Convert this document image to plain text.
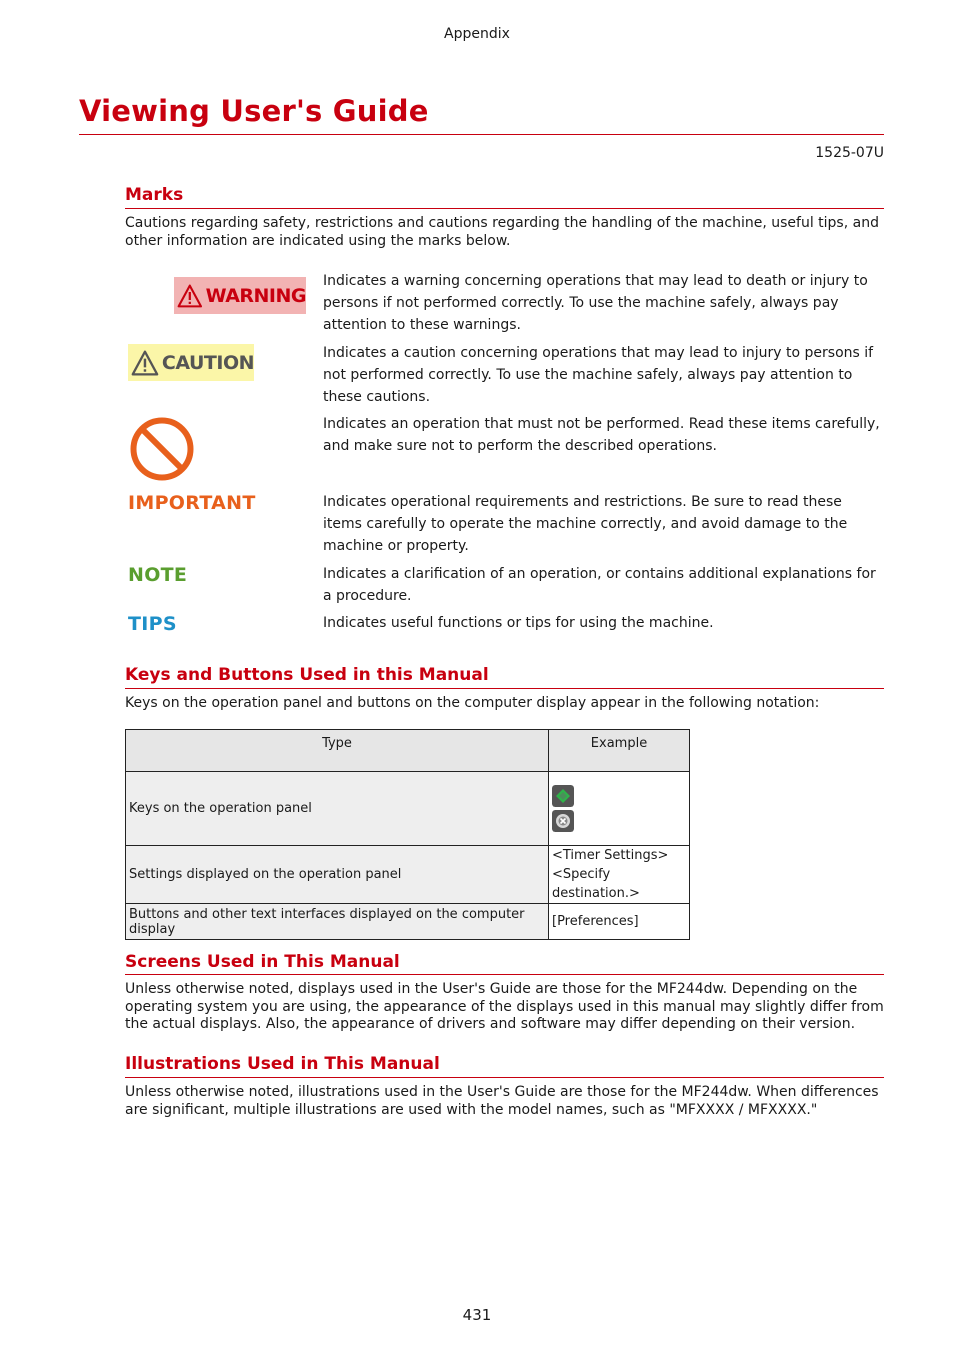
Appendix
Viewing User's Guide
1525-07U
Marks
Cautions regarding safety, restrictions and cautions regarding the handling of the machine, useful tips, and other information are indicated using the marks below.
WARNING
Indicates a warning concerning operations that may lead to death or injury to persons if not performed correctly. To use the machine safely, always pay attention to these warnings.
CAUTION	Indicates a caution concerning operations that may lead to injury to persons if not performed correctly. To use the machine safely, always pay attention to these cautions.
Indicates an operation that must not be performed. Read these items carefully, and make sure not to perform the described operations.
IMPORTANT	Indicates operational requirements and restrictions. Be sure to read these items carefully to operate the machine correctly, and avoid damage to the machine or property.
NOTE	Indicates a clarification of an operation, or contains additional explanations for a procedure.
TIPS	Indicates useful functions or tips for using the machine.
Keys and Buttons Used in this Manual
Keys on the operation panel and buttons on the computer display appear in the following notation:
Type	Example
Keys on the operation panel	

Settings displayed on the operation panel	<Timer Settings>
<Specify destination.>

Buttons and other text interfaces displayed on the computer display	[Preferences]
Screens Used in This Manual
Unless otherwise noted, displays used in the User's Guide are those for the MF244dw. Depending on the operating system you are using, the appearance of the displays used in this manual may slightly differ from the actual displays. Also, the appearance of drivers and software may differ depending on their version.
Illustrations Used in This Manual
Unless otherwise noted, illustrations used in the User's Guide are those for the MF244dw. When differences are significant, multiple illustrations are used with the model names, such as "MFXXXX / MFXXXX."
431
